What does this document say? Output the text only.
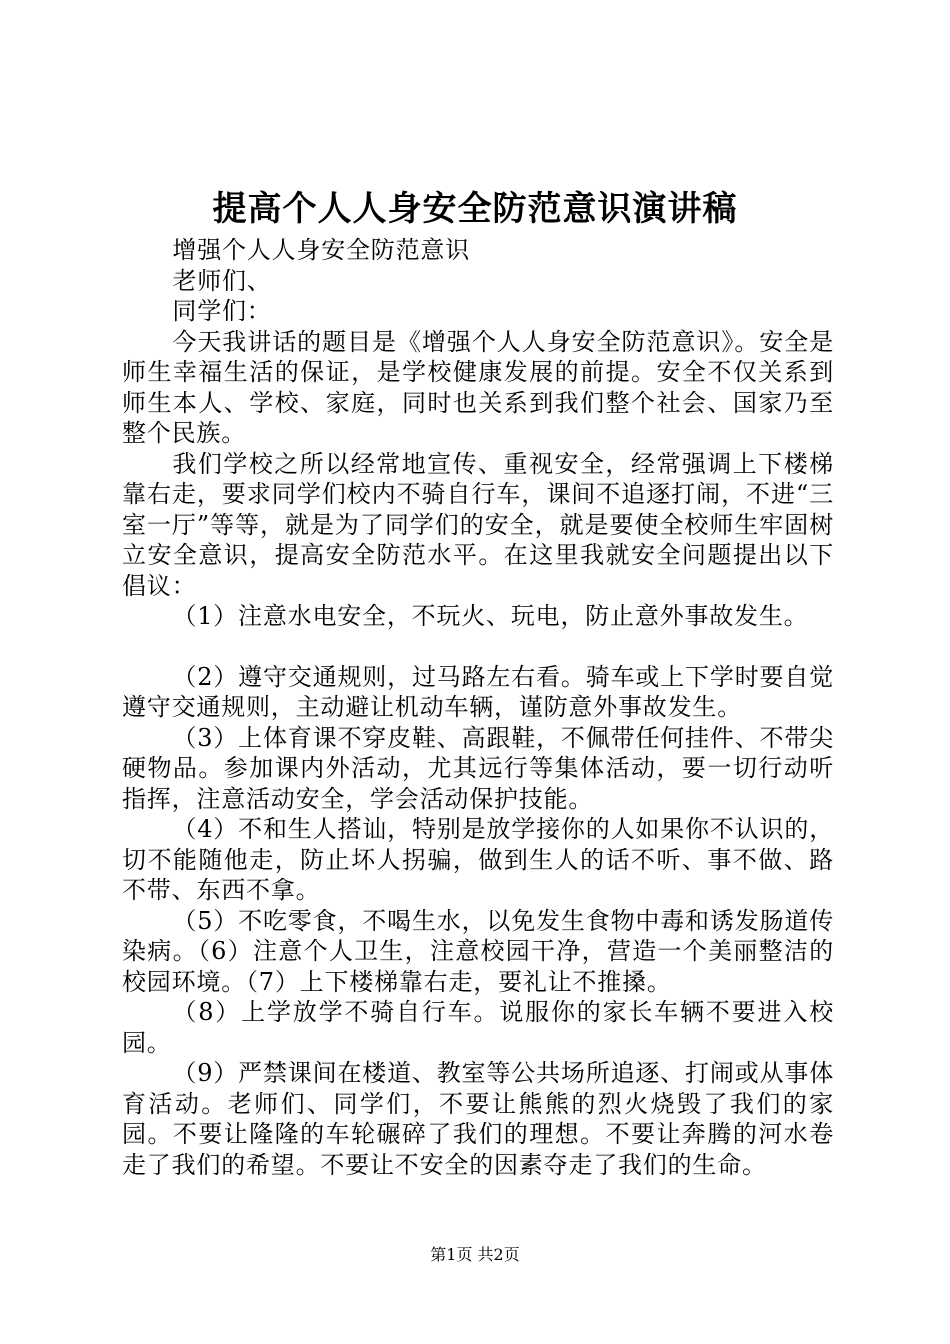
提高个人人身安全防范意识演讲稿

增强个人人身安全防范意识

老师们、

同学们：

今天我讲话的题目是《增强个人人身安全防范意识》。安全是师生幸福生活的保证，是学校健康发展的前提。安全不仅关系到师生本人、学校、家庭，同时也关系到我们整个社会、国家乃至整个民族。

我们学校之所以经常地宣传、重视安全，经常强调上下楼梯靠右走，要求同学们校内不骑自行车，课间不追逐打闹，不进“三室一厅”等等，就是为了同学们的安全，就是要使全校师生牢固树立安全意识，提高安全防范水平。在这里我就安全问题提出以下倡议：

（1）注意水电安全，不玩火、玩电，防止意外事故发生。

（2）遵守交通规则，过马路左右看。骑车或上下学时要自觉遵守交通规则，主动避让机动车辆，谨防意外事故发生。

（3）上体育课不穿皮鞋、高跟鞋，不佩带任何挂件、不带尖硬物品。参加课内外活动，尤其远行等集体活动，要一切行动听指挥，注意活动安全，学会活动保护技能。

（4）不和生人搭讪，特别是放学接你的人如果你不认识的，切不能随他走，防止坏人拐骗，做到生人的话不听、事不做、路不带、东西不拿。

（5）不吃零食，不喝生水，以免发生食物中毒和诱发肠道传染病。（6）注意个人卫生，注意校园干净，营造一个美丽整洁的校园环境。（7）上下楼梯靠右走，要礼让不推搡。

（8）上学放学不骑自行车。说服你的家长车辆不要进入校园。

（9）严禁课间在楼道、教室等公共场所追逐、打闹或从事体育活动。老师们、同学们，不要让熊熊的烈火烧毁了我们的家园。不要让隆隆的车轮碾碎了我们的理想。不要让奔腾的河水卷走了我们的希望。不要让不安全的因素夺走了我们的生命。

第1页 共2页
